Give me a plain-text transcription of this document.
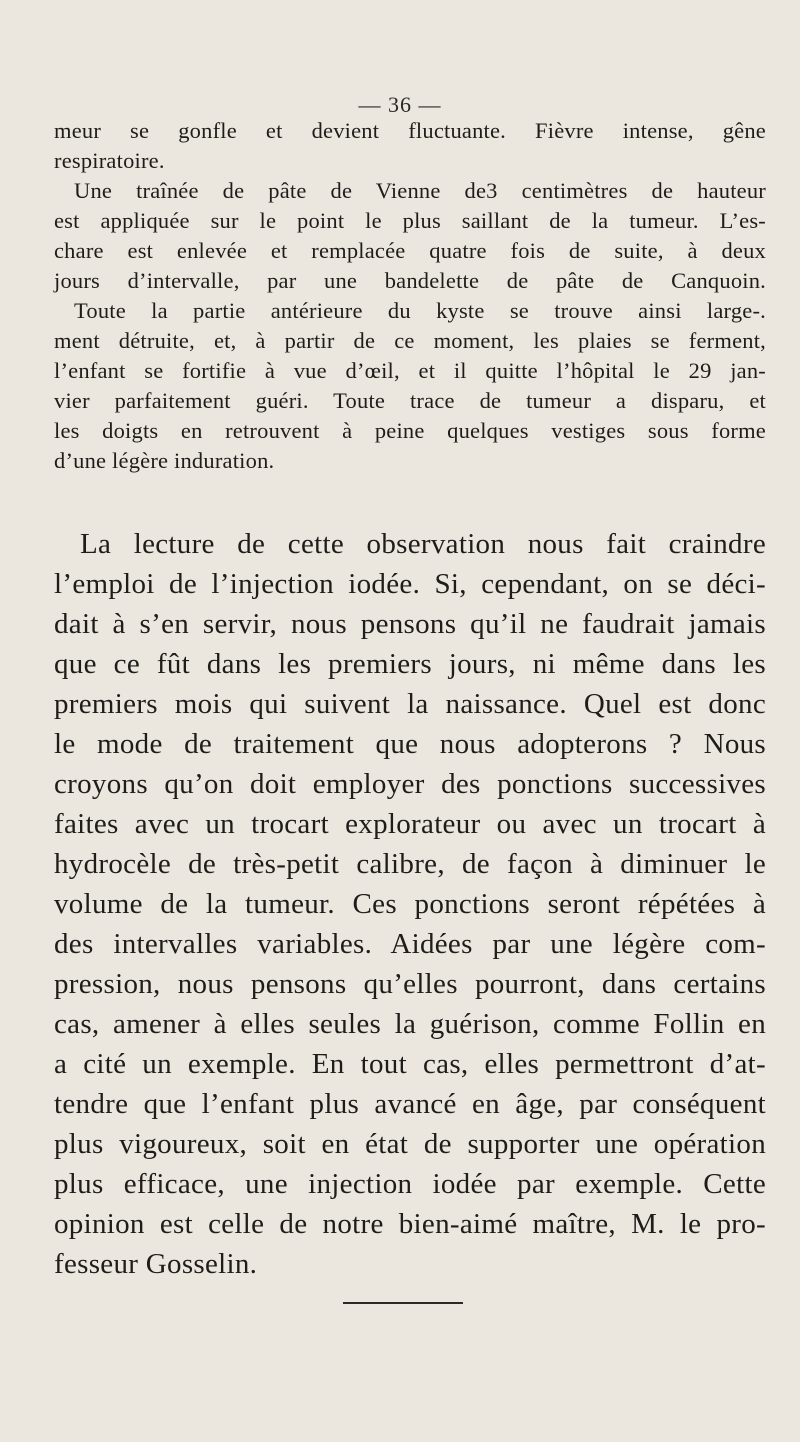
— 36 —
meur se gonfle et devient fluctuante. Fièvre intense, gêne
respiratoire.
Une traînée de pâte de Vienne de3 centimètres de hauteur
est appliquée sur le point le plus saillant de la tumeur. L’es-
chare est enlevée et remplacée quatre fois de suite, à deux
jours d’intervalle, par une bandelette de pâte de Canquoin.
Toute la partie antérieure du kyste se trouve ainsi large-.
ment détruite, et, à partir de ce moment, les plaies se ferment,
l’enfant se fortifie à vue d’œil, et il quitte l’hôpital le 29 jan-
vier parfaitement guéri. Toute trace de tumeur a disparu, et
les doigts en retrouvent à peine quelques vestiges sous forme
d’une légère induration.
La lecture de cette observation nous fait craindre
l’emploi de l’injection iodée. Si, cependant, on se déci-
dait à s’en servir, nous pensons qu’il ne faudrait jamais
que ce fût dans les premiers jours, ni même dans les
premiers mois qui suivent la naissance. Quel est donc
le mode de traitement que nous adopterons ? Nous
croyons qu’on doit employer des ponctions successives
faites avec un trocart explorateur ou avec un trocart à
hydrocèle de très-petit calibre, de façon à diminuer le
volume de la tumeur. Ces ponctions seront répétées à
des intervalles variables. Aidées par une légère com-
pression, nous pensons qu’elles pourront, dans certains
cas, amener à elles seules la guérison, comme Follin en
a cité un exemple. En tout cas, elles permettront d’at-
tendre que l’enfant plus avancé en âge, par conséquent
plus vigoureux, soit en état de supporter une opération
plus efficace, une injection iodée par exemple. Cette
opinion est celle de notre bien-aimé maître, M. le pro-
fesseur Gosselin.
